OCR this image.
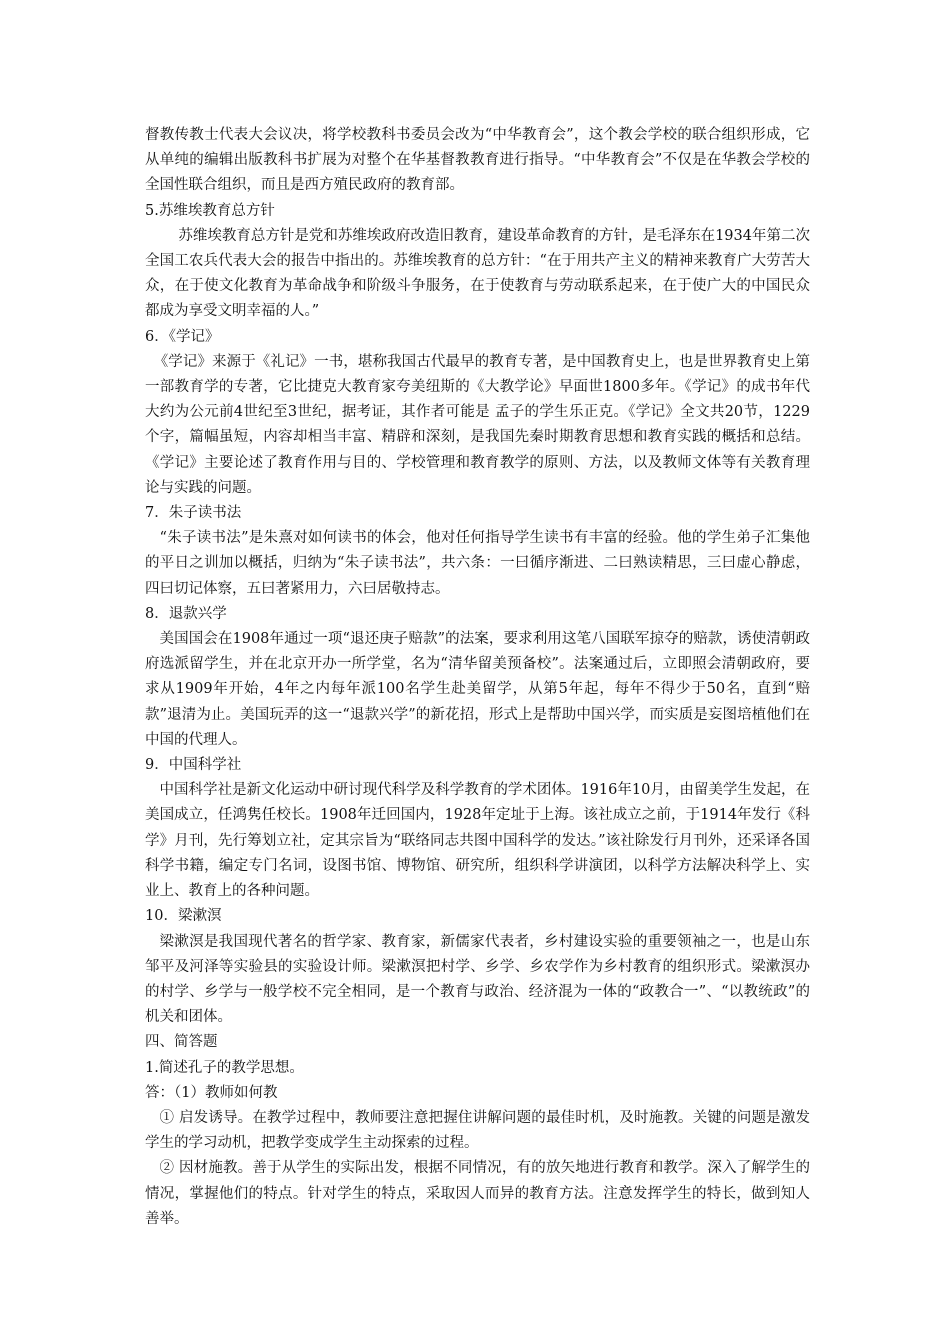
督教传教士代表大会议决，将学校教科书委员会改为“中华教育会”，这个教会学校的联合组织形成，它从单纯的编辑出版教科书扩展为对整个在华基督教教育进行指导。“中华教育会”不仅是在华教会学校的全国性联合组织，而且是西方殖民政府的教育部。

5.苏维埃教育总方针

苏维埃教育总方针是党和苏维埃政府改造旧教育，建设革命教育的方针，是毛泽东在1934年第二次全国工农兵代表大会的报告中指出的。苏维埃教育的总方针：“在于用共产主义的精神来教育广大劳苦大众，在于使文化教育为革命战争和阶级斗争服务，在于使教育与劳动联系起来，在于使广大的中国民众都成为享受文明幸福的人。”

6．《学记》

《学记》来源于《礼记》一书，堪称我国古代最早的教育专著，是中国教育史上，也是世界教育史上第一部教育学的专著，它比捷克大教育家夸美纽斯的《大教学论》早面世1800多年。《学记》的成书年代大约为公元前4世纪至3世纪，据考证，其作者可能是 孟子的学生乐正克。《学记》全文共20节，1229个字，篇幅虽短，内容却相当丰富、精辟和深刻，是我国先秦时期教育思想和教育实践的概括和总结。《学记》主要论述了教育作用与目的、学校管理和教育教学的原则、方法，以及教师文体等有关教育理论与实践的问题。

7．朱子读书法

“朱子读书法”是朱熹对如何读书的体会，他对任何指导学生读书有丰富的经验。他的学生弟子汇集他的平日之训加以概括，归纳为“朱子读书法”，共六条：一曰循序渐进、二曰熟读精思，三曰虚心静虑，四曰切记体察，五曰著紧用力，六曰居敬持志。

8．退款兴学

美国国会在1908年通过一项“退还庚子赔款”的法案，要求利用这笔八国联军掠夺的赔款，诱使清朝政府选派留学生，并在北京开办一所学堂，名为“清华留美预备校”。法案通过后，立即照会清朝政府，要求从1909年开始，4年之内每年派100名学生赴美留学，从第5年起，每年不得少于50名，直到“赔款”退清为止。美国玩弄的这一“退款兴学”的新花招，形式上是帮助中国兴学，而实质是妄图培植他们在中国的代理人。

9．中国科学社

中国科学社是新文化运动中研讨现代科学及科学教育的学术团体。1916年10月，由留美学生发起，在美国成立，任鸿隽任校长。1908年迁回国内，1928年定址于上海。该社成立之前，于1914年发行《科学》月刊，先行筹划立社，定其宗旨为“联络同志共图中国科学的发达。”该社除发行月刊外，还采译各国科学书籍，编定专门名词，设图书馆、博物馆、研究所，组织科学讲演团，以科学方法解决科学上、实业上、教育上的各种问题。

10．梁漱溟

梁漱溟是我国现代著名的哲学家、教育家，新儒家代表者，乡村建设实验的重要领袖之一，也是山东邹平及河泽等实验县的实验设计师。梁漱溟把村学、乡学、乡农学作为乡村教育的组织形式。梁漱溟办的村学、乡学与一般学校不完全相同，是一个教育与政治、经济混为一体的“政教合一”、“以教统政”的机关和团体。

四、简答题

1.简述孔子的教学思想。

答：（1）教师如何教

① 启发诱导。在教学过程中，教师要注意把握住讲解问题的最佳时机，及时施教。关键的问题是激发学生的学习动机，把教学变成学生主动探索的过程。

② 因材施教。善于从学生的实际出发，根据不同情况，有的放矢地进行教育和教学。深入了解学生的情况，掌握他们的特点。针对学生的特点，采取因人而异的教育方法。注意发挥学生的特长，做到知人善举。
